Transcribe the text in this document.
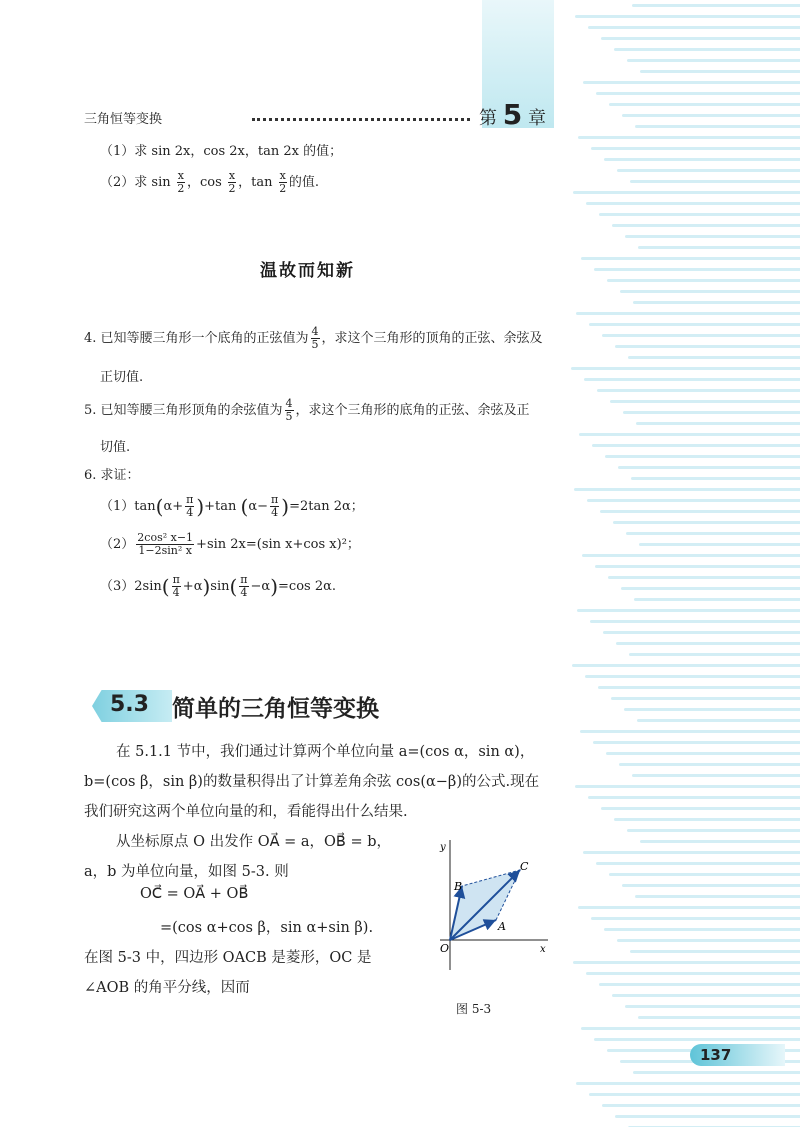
三角恒等变换	第 5 章
（1）求 sin 2x，cos 2x，tan 2x 的值；
（2）求 $\sin \frac{x}{2}$ ，$\cos \frac{x}{2}$ ，$\tan \frac{x}{2}$ 的值.
温故而知新
4. 已知等腰三角形一个底角的正弦值为 $\frac{4}{5}$ ，求这个三角形的顶角的正弦、余弦及
正切值.
5. 已知等腰三角形顶角的余弦值为 $\frac{4}{5}$ ，求这个三角形的底角的正弦、余弦及正
切值.
6. 求证：
$(1)\tan(\alpha+ \frac{\pi}{4} )+\tan$ $(\alpha- \frac{\pi}{4} )=2\tan$ 2α；
$(2) \frac{\text{2cos² x−1}}{\text{1−2sin² x}} +\sin$ 2x=(sin x+cos x)²；
$(3)2\sin( \frac{\pi}{4} +\alpha)\sin( \frac{\pi}{4} -\alpha)=\cos$ 2α.
5.3 简单的三角恒等变换
在 5.1.1 节中，我们通过计算两个单位向量 a=(cos α，sin α)，
b=(cos β，sin β)的数量积得出了计算差角余弦 cos(α−β)的公式.现在
我们研究这两个单位向量的和，看能得出什么结果.
从坐标原点 O 出发作 OA⃗ = a，OB⃗ = b，
a，b 为单位向量，如图 5-3. 则
OC⃗ = OA⃗ + OB⃗
=(cos α+cos β，sin α+sin β).
在图 5-3 中，四边形 OACB 是菱形，OC 是
∠AOB 的角平分线，因而
y
x
O
A
B
C
图 5-3
137
